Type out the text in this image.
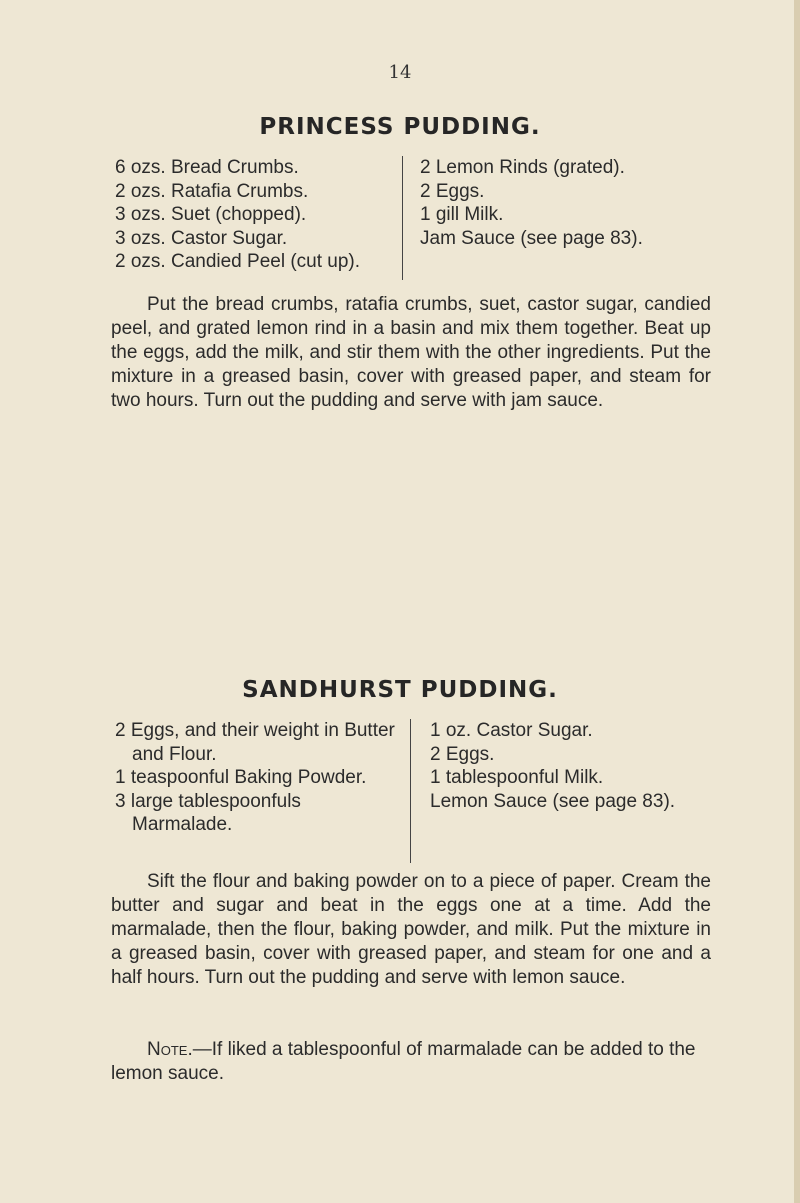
14
PRINCESS PUDDING.
6 ozs. Bread Crumbs.
2 ozs. Ratafia Crumbs.
3 ozs. Suet (chopped).
3 ozs. Castor Sugar.
2 ozs. Candied Peel (cut up).
2 Lemon Rinds (grated).
2 Eggs.
1 gill Milk.
Jam Sauce (see page 83).

Put the bread crumbs, ratafia crumbs, suet, castor sugar, candied peel, and grated lemon rind in a basin and mix them together. Beat up the eggs, add the milk, and stir them with the other ingredients. Put the mixture in a greased basin, cover with greased paper, and steam for two hours. Turn out the pudding and serve with jam sauce.

SANDHURST PUDDING.
2 Eggs, and their weight in Butter and Flour.
1 teaspoonful Baking Powder.
3 large tablespoonfuls Marmalade.
1 oz. Castor Sugar.
2 Eggs.
1 tablespoonful Milk.
Lemon Sauce (see page 83).

Sift the flour and baking powder on to a piece of paper. Cream the butter and sugar and beat in the eggs one at a time. Add the marmalade, then the flour, baking powder, and milk. Put the mixture in a greased basin, cover with greased paper, and steam for one and a half hours. Turn out the pudding and serve with lemon sauce.

Note.—If liked a tablespoonful of marmalade can be added to the lemon sauce.
